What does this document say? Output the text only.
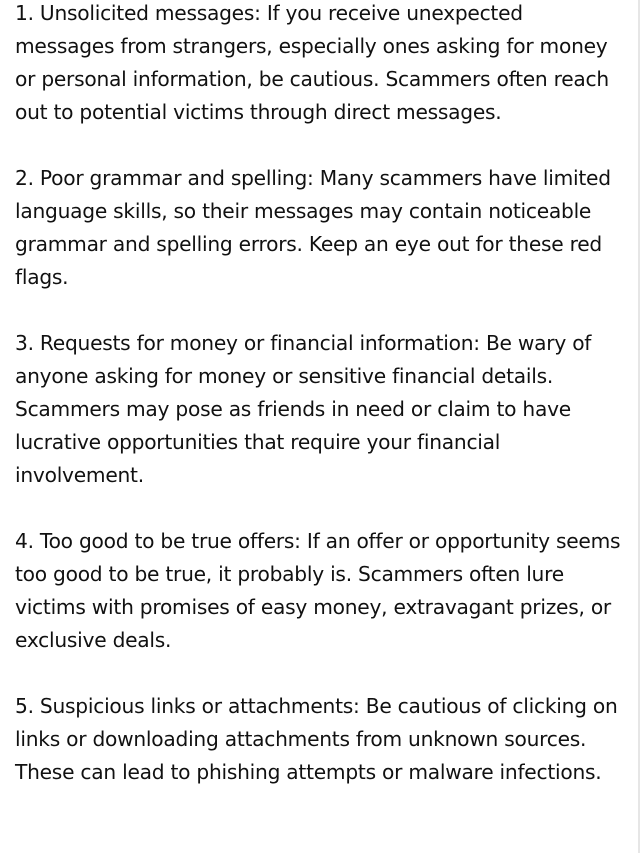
1. Unsolicited messages: If you receive unexpected messages from strangers, especially ones asking for money or personal information, be cautious. Scammers often reach out to potential victims through direct messages.

2. Poor grammar and spelling: Many scammers have limited language skills, so their messages may contain noticeable grammar and spelling errors. Keep an eye out for these red flags.

3. Requests for money or financial information: Be wary of anyone asking for money or sensitive financial details. Scammers may pose as friends in need or claim to have lucrative opportunities that require your financial involvement.

4. Too good to be true offers: If an offer or opportunity seems too good to be true, it probably is. Scammers often lure victims with promises of easy money, extravagant prizes, or exclusive deals.

5. Suspicious links or attachments: Be cautious of clicking on links or downloading attachments from unknown sources. These can lead to phishing attempts or malware infections.
